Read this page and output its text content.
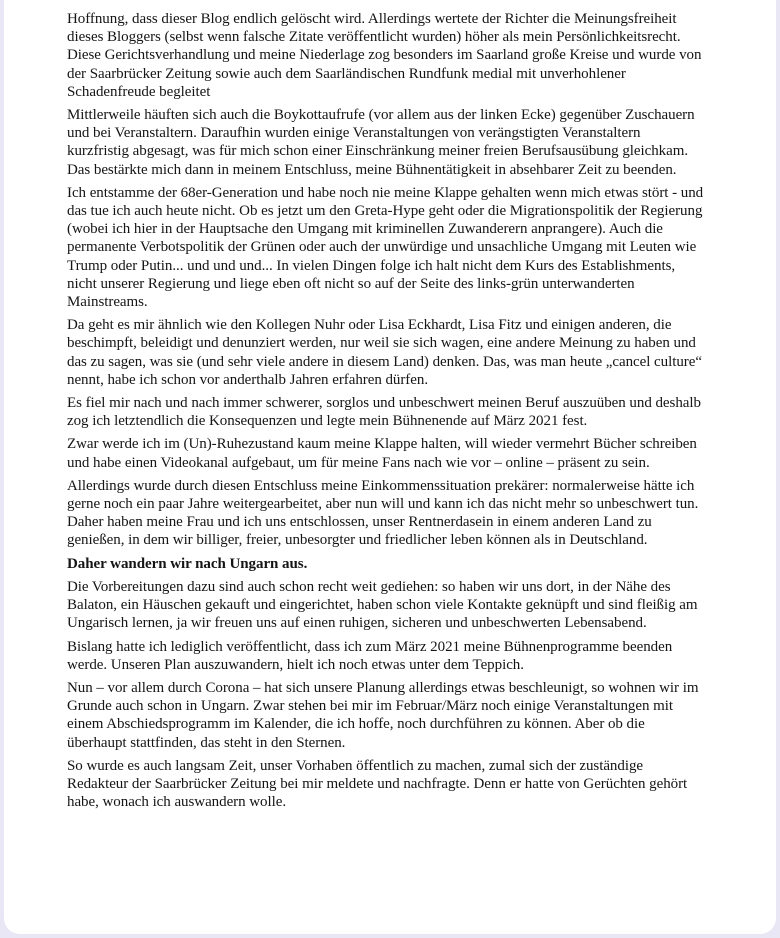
Hoffnung, dass dieser Blog endlich gelöscht wird. Allerdings wertete der Richter die Meinungsfreiheit dieses Bloggers (selbst wenn falsche Zitate veröffentlicht wurden) höher als mein Persönlichkeitsrecht. Diese Gerichtsverhandlung und meine Niederlage zog besonders im Saarland große Kreise und wurde von der Saarbrücker Zeitung sowie auch dem Saarländischen Rundfunk medial mit unverhohlener Schadenfreude begleitet

Mittlerweile häuften sich auch die Boykottaufrufe (vor allem aus der linken Ecke) gegenüber Zuschauern und bei Veranstaltern. Daraufhin wurden einige Veranstaltungen von verängstigten Veranstaltern kurzfristig abgesagt, was für mich schon einer Einschränkung meiner freien Berufsausübung gleichkam. Das bestärkte mich dann in meinem Entschluss, meine Bühnentätigkeit in absehbarer Zeit zu beenden.

Ich entstamme der 68er-Generation und habe noch nie meine Klappe gehalten wenn mich etwas stört - und das tue ich auch heute nicht. Ob es jetzt um den Greta-Hype geht oder die Migrationspolitik der Regierung (wobei ich hier in der Hauptsache den Umgang mit kriminellen Zuwanderern anprangere). Auch die permanente Verbotspolitik der Grünen oder auch der unwürdige und unsachliche Umgang mit Leuten wie Trump oder Putin... und und und... In vielen Dingen folge ich halt nicht dem Kurs des Establishments, nicht unserer Regierung und liege eben oft nicht so auf der Seite des links-grün unterwanderten Mainstreams.

Da geht es mir ähnlich wie den Kollegen Nuhr oder Lisa Eckhardt, Lisa Fitz und einigen anderen, die beschimpft, beleidigt und denunziert werden, nur weil sie sich wagen, eine andere Meinung zu haben und das zu sagen, was sie (und sehr viele andere in diesem Land) denken. Das, was man heute „cancel culture“ nennt, habe ich schon vor anderthalb Jahren erfahren dürfen.

Es fiel mir nach und nach immer schwerer, sorglos und unbeschwert meinen Beruf auszuüben und deshalb zog ich letztendlich die Konsequenzen und legte mein Bühnenende auf März 2021 fest.

Zwar werde ich im (Un)-Ruhezustand kaum meine Klappe halten, will wieder vermehrt Bücher schreiben und habe einen Videokanal aufgebaut, um für meine Fans nach wie vor – online – präsent zu sein.

Allerdings wurde durch diesen Entschluss meine Einkommenssituation prekärer: normalerweise hätte ich gerne noch ein paar Jahre weitergearbeitet, aber nun will und kann ich das nicht mehr so unbeschwert tun. Daher haben meine Frau und ich uns entschlossen, unser Rentnerdasein in einem anderen Land zu genießen, in dem wir billiger, freier, unbesorgter und friedlicher leben können als in Deutschland.

Daher wandern wir nach Ungarn aus.

Die Vorbereitungen dazu sind auch schon recht weit gediehen: so haben wir uns dort, in der Nähe des Balaton, ein Häuschen gekauft und eingerichtet, haben schon viele Kontakte geknüpft und sind fleißig am Ungarisch lernen, ja wir freuen uns auf einen ruhigen, sicheren und unbeschwerten Lebensabend.

Bislang hatte ich lediglich veröffentlicht, dass ich zum März 2021 meine Bühnenprogramme beenden werde. Unseren Plan auszuwandern, hielt ich noch etwas unter dem Teppich.

Nun – vor allem durch Corona – hat sich unsere Planung allerdings etwas beschleunigt, so wohnen wir im Grunde auch schon in Ungarn. Zwar stehen bei mir im Februar/März noch einige Veranstaltungen mit einem Abschiedsprogramm im Kalender, die ich hoffe, noch durchführen zu können. Aber ob die überhaupt stattfinden, das steht in den Sternen.

So wurde es auch langsam Zeit, unser Vorhaben öffentlich zu machen, zumal sich der zuständige Redakteur der Saarbrücker Zeitung bei mir meldete und nachfragte. Denn er hatte von Gerüchten gehört habe, wonach ich auswandern wolle.
